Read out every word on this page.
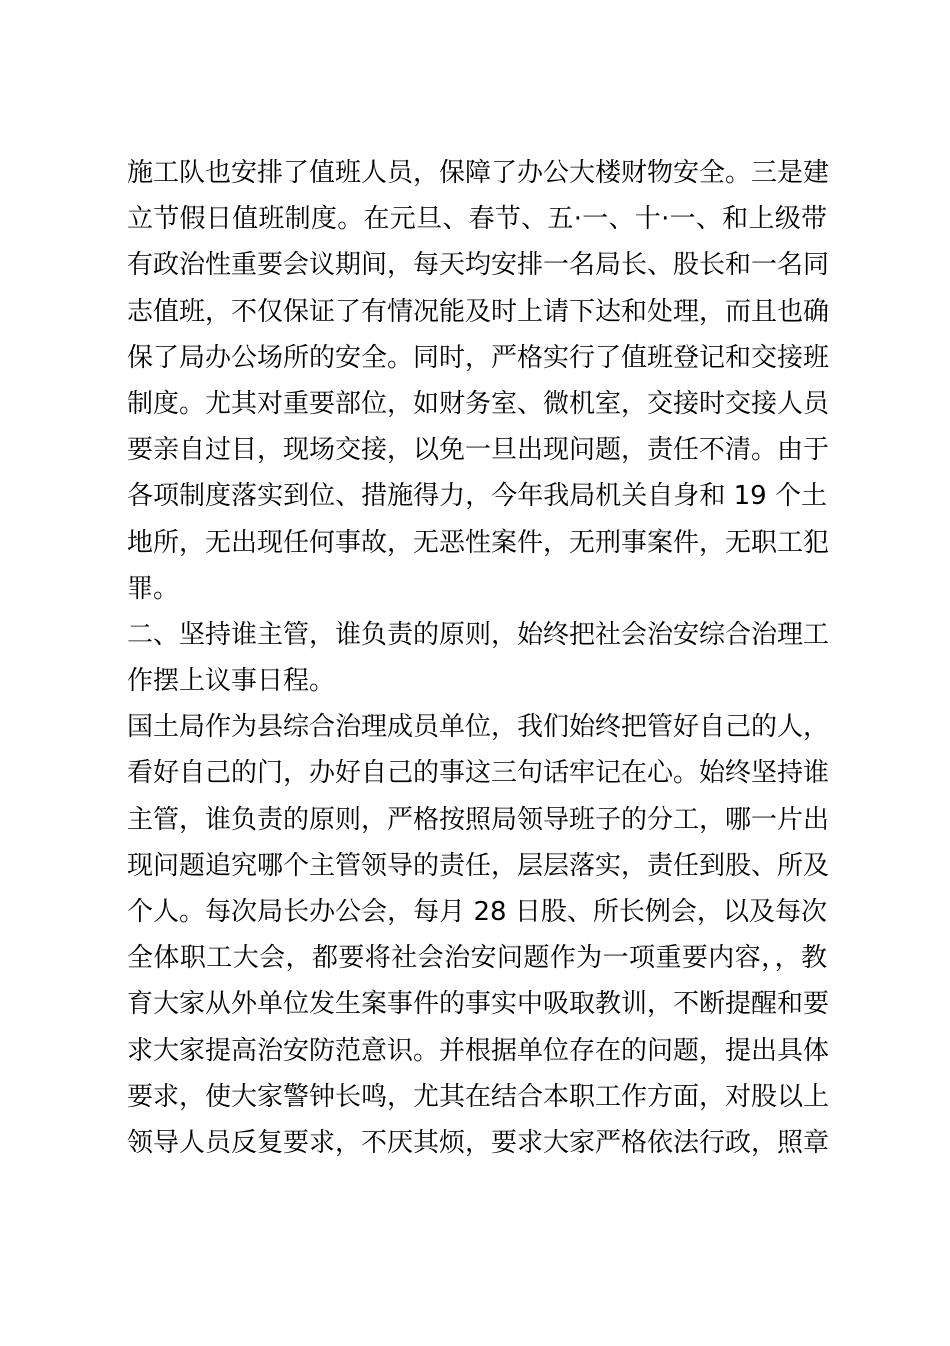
施工队也安排了值班人员，保障了办公大楼财物安全。三是建
立节假日值班制度。在元旦、春节、五·一、十·一、和上级带
有政治性重要会议期间，每天均安排一名局长、股长和一名同
志值班，不仅保证了有情况能及时上请下达和处理，而且也确
保了局办公场所的安全。同时，严格实行了值班登记和交接班
制度。尤其对重要部位，如财务室、微机室，交接时交接人员
要亲自过目，现场交接，以免一旦出现问题，责任不清。由于
各项制度落实到位、措施得力，今年我局机关自身和 19 个土
地所，无出现任何事故，无恶性案件，无刑事案件，无职工犯
罪。
二、坚持谁主管，谁负责的原则，始终把社会治安综合治理工
作摆上议事日程。
国土局作为县综合治理成员单位，我们始终把管好自己的人，
看好自己的门，办好自己的事这三句话牢记在心。始终坚持谁
主管，谁负责的原则，严格按照局领导班子的分工，哪一片出
现问题追究哪个主管领导的责任，层层落实，责任到股、所及
个人。每次局长办公会，每月 28 日股、所长例会，以及每次
全体职工大会，都要将社会治安问题作为一项重要内容，，教
育大家从外单位发生案事件的事实中吸取教训，不断提醒和要
求大家提高治安防范意识。并根据单位存在的问题，提出具体
要求，使大家警钟长鸣，尤其在结合本职工作方面，对股以上
领导人员反复要求，不厌其烦，要求大家严格依法行政，照章
